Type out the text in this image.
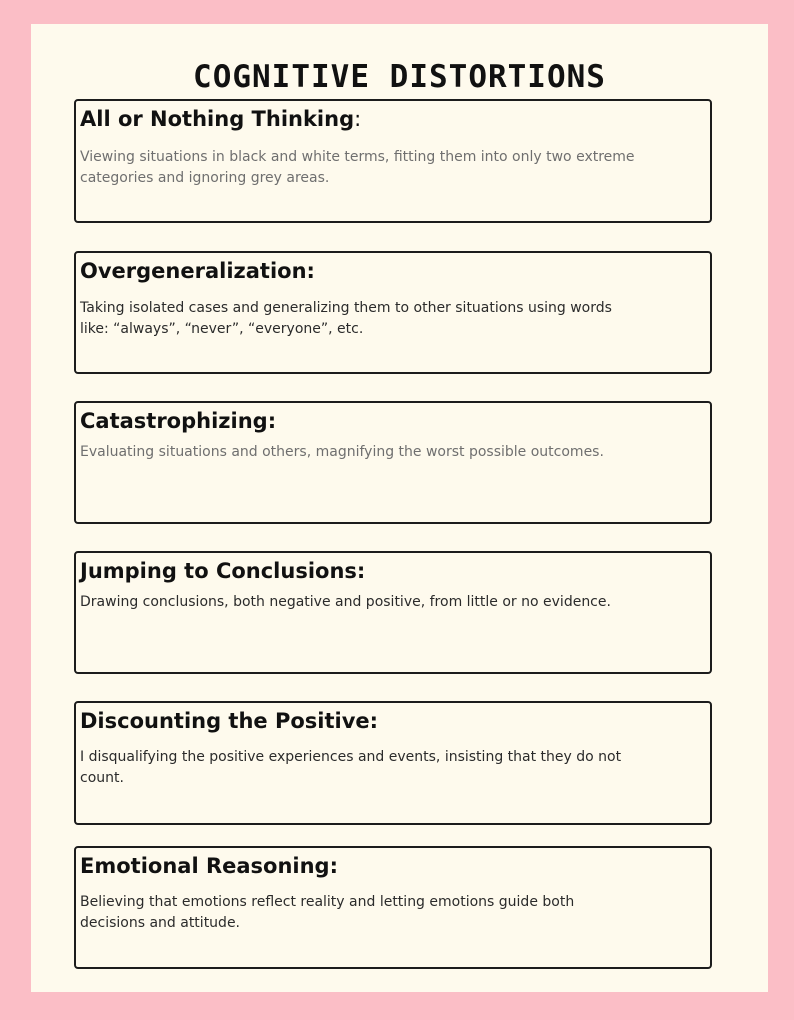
COGNITIVE DISTORTIONS
All or Nothing Thinking:

Viewing situations in black and white terms, fitting them into only two extreme categories and ignoring grey areas.

Overgeneralization:

Taking isolated cases and generalizing them to other situations using words like: “always”, “never”, “everyone”, etc.

Catastrophizing:

Evaluating situations and others, magnifying the worst possible outcomes.

Jumping to Conclusions:

Drawing conclusions, both negative and positive, from little or no evidence.

Discounting the Positive:

I disqualifying the positive experiences and events, insisting that they do not count.

Emotional Reasoning:

Believing that emotions reflect reality and letting emotions guide both decisions and attitude.
